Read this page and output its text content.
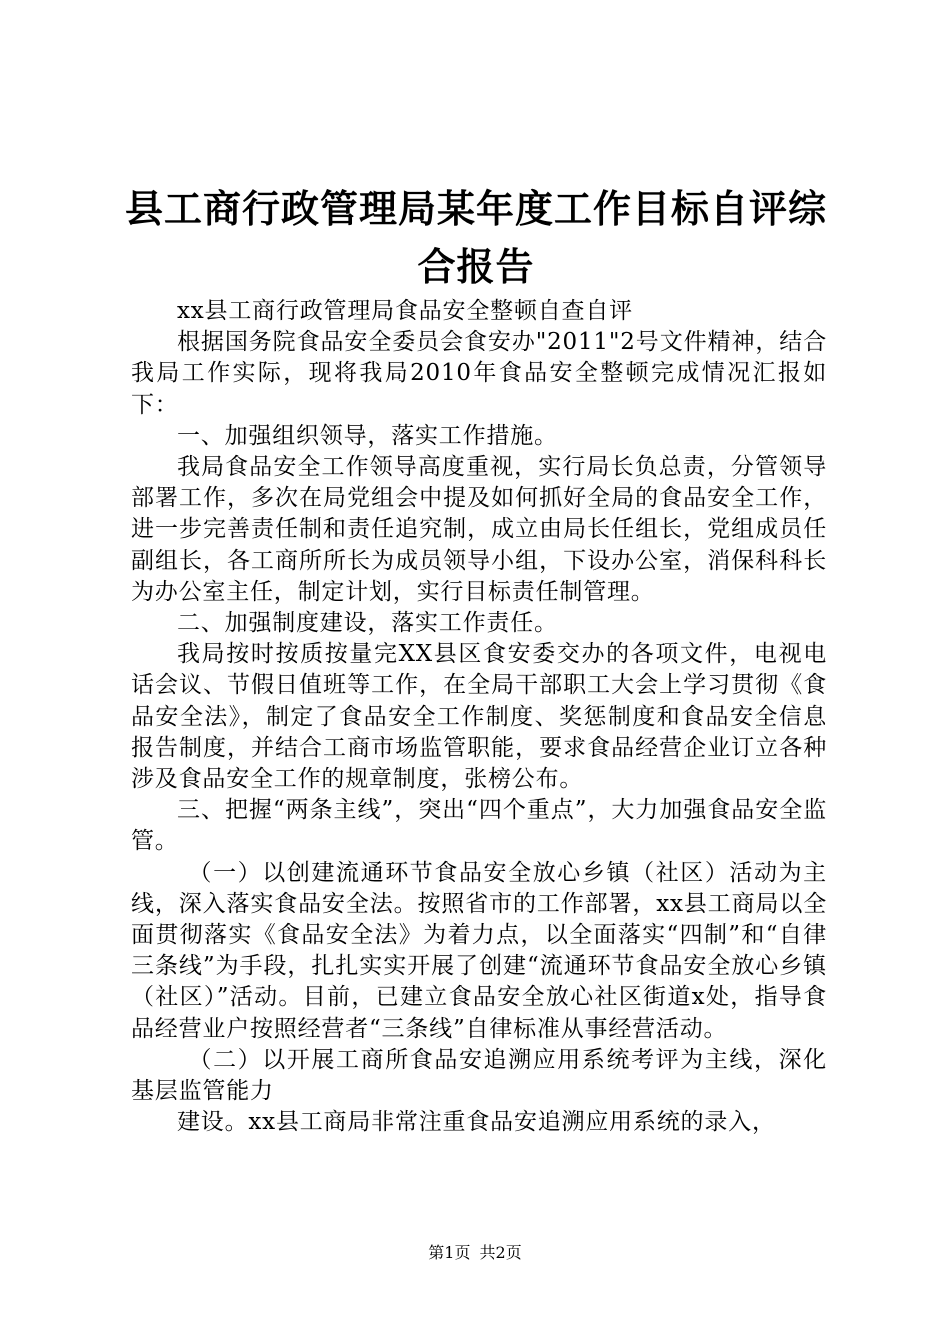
县工商行政管理局某年度工作目标自评综合报告

xx县工商行政管理局食品安全整顿自查自评

根据国务院食品安全委员会食安办"2011"2号文件精神，结合我局工作实际，现将我局2010年食品安全整顿完成情况汇报如下：

一、加强组织领导，落实工作措施。

我局食品安全工作领导高度重视，实行局长负总责，分管领导部署工作，多次在局党组会中提及如何抓好全局的食品安全工作，进一步完善责任制和责任追究制，成立由局长任组长，党组成员任副组长，各工商所所长为成员领导小组，下设办公室，消保科科长为办公室主任，制定计划，实行目标责任制管理。

二、加强制度建设，落实工作责任。

我局按时按质按量完XX县区食安委交办的各项文件，电视电话会议、节假日值班等工作，在全局干部职工大会上学习贯彻《食品安全法》，制定了食品安全工作制度、奖惩制度和食品安全信息报告制度，并结合工商市场监管职能，要求食品经营企业订立各种涉及食品安全工作的规章制度，张榜公布。

三、把握“两条主线”，突出“四个重点”，大力加强食品安全监管。

（一）以创建流通环节食品安全放心乡镇（社区）活动为主线，深入落实食品安全法。按照省市的工作部署，xx县工商局以全面贯彻落实《食品安全法》为着力点，以全面落实“四制”和“自律三条线”为手段，扎扎实实开展了创建“流通环节食品安全放心乡镇（社区）”活动。目前，已建立食品安全放心社区街道x处，指导食品经营业户按照经营者“三条线”自律标准从事经营活动。

（二）以开展工商所食品安追溯应用系统考评为主线，深化基层监管能力

建设。xx县工商局非常注重食品安追溯应用系统的录入，

第1页 共2页
